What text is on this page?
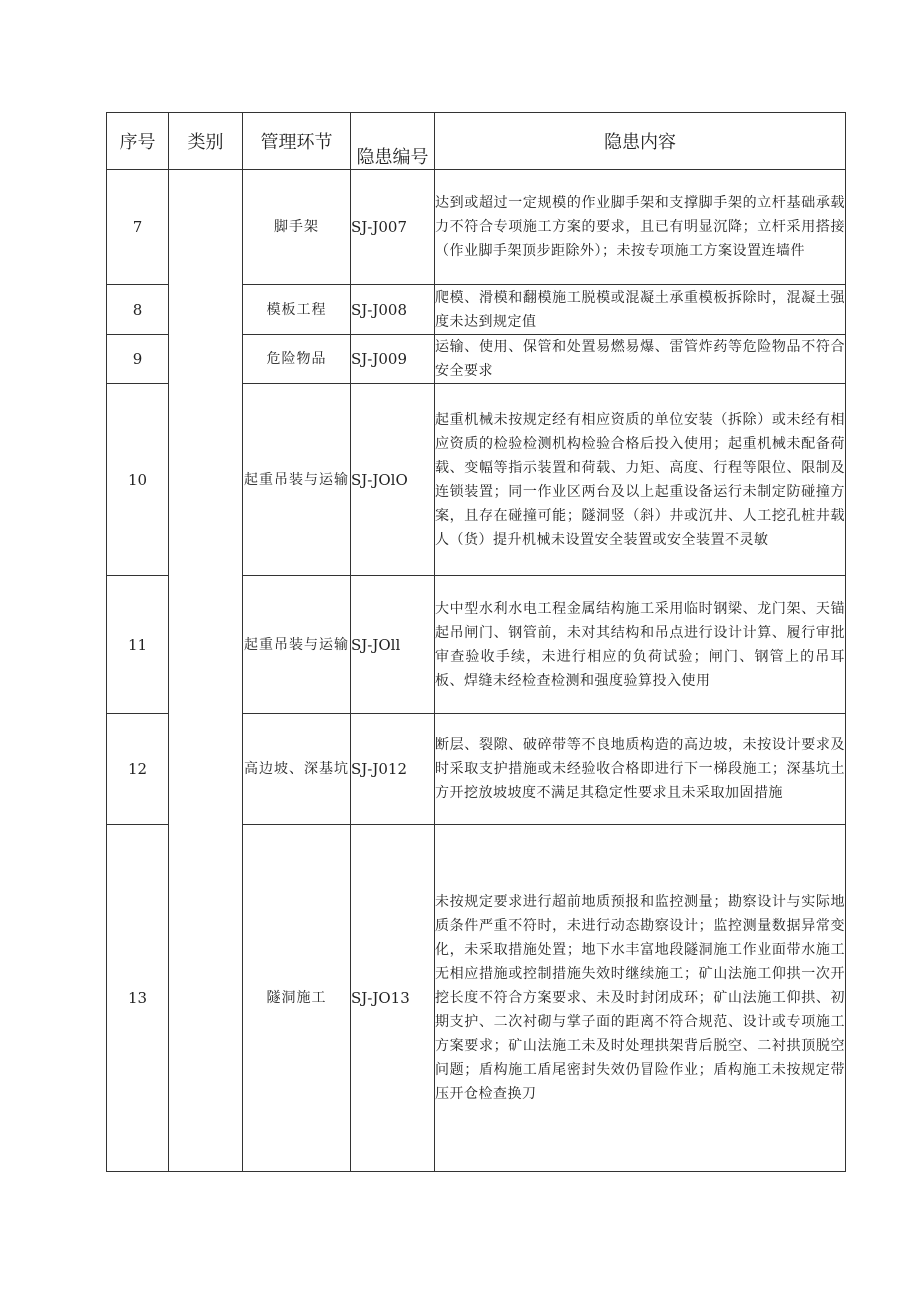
序号	类别	管理环节	隐患编号	隐患内容
7		脚手架	SJ-J007	达到或超过一定规模的作业脚手架和支撑脚手架的立杆基础承载力不符合专项施工方案的要求，且已有明显沉降；立杆采用搭接（作业脚手架顶步距除外）；未按专项施工方案设置连墙件
8		模板工程	SJ-J008	爬模、滑模和翻模施工脱模或混凝土承重模板拆除时，混凝土强度未达到规定值
9		危险物品	SJ-J009	运输、使用、保管和处置易燃易爆、雷管炸药等危险物品不符合安全要求
10		起重吊装与运输	SJ-JOlO	起重机械未按规定经有相应资质的单位安装（拆除）或未经有相应资质的检验检测机构检验合格后投入使用；起重机械未配备荷载、变幅等指示装置和荷载、力矩、高度、行程等限位、限制及连锁装置；同一作业区两台及以上起重设备运行未制定防碰撞方案，且存在碰撞可能；隧洞竖（斜）井或沉井、人工挖孔桩井载人（货）提升机械未设置安全装置或安全装置不灵敏
11		起重吊装与运输	SJ-JOll	大中型水利水电工程金属结构施工采用临时钢梁、龙门架、天锚起吊闸门、钢管前，未对其结构和吊点进行设计计算、履行审批审查验收手续，未进行相应的负荷试验；闸门、钢管上的吊耳板、焊缝未经检查检测和强度验算投入使用
12		高边坡、深基坑	SJ-J012	断层、裂隙、破碎带等不良地质构造的高边坡，未按设计要求及时采取支护措施或未经验收合格即进行下一梯段施工；深基坑土方开挖放坡坡度不满足其稳定性要求且未采取加固措施
13		隧洞施工	SJ-JO13	未按规定要求进行超前地质预报和监控测量；勘察设计与实际地质条件严重不符时，未进行动态勘察设计；监控测量数据异常变化，未采取措施处置；地下水丰富地段隧洞施工作业面带水施工无相应措施或控制措施失效时继续施工；矿山法施工仰拱一次开挖长度不符合方案要求、未及时封闭成环；矿山法施工仰拱、初期支护、二次衬砌与掌子面的距离不符合规范、设计或专项施工方案要求；矿山法施工未及时处理拱架背后脱空、二衬拱顶脱空问题；盾构施工盾尾密封失效仍冒险作业；盾构施工未按规定带压开仓检查换刀
